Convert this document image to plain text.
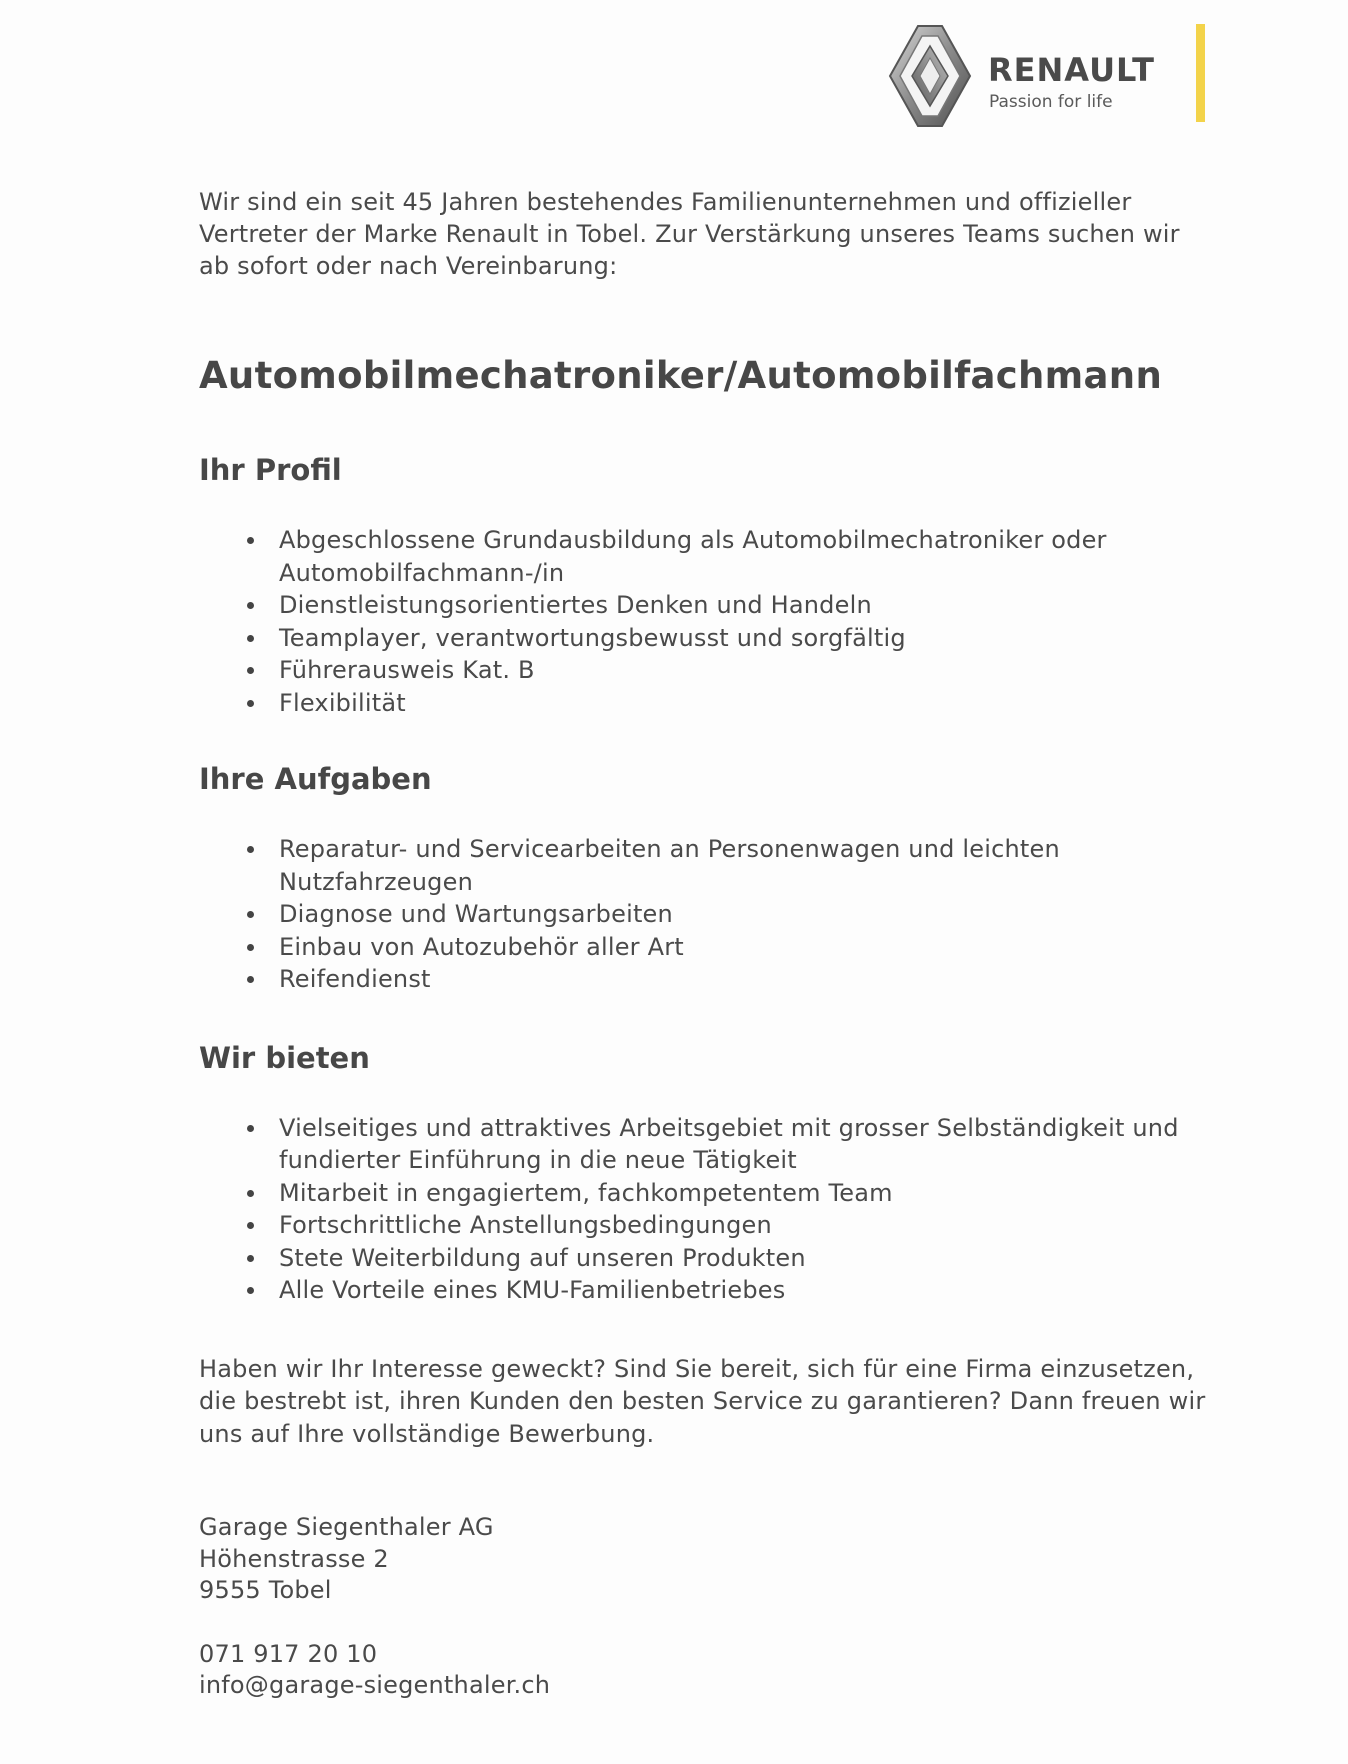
RENAULT
Passion for life

Wir sind ein seit 45 Jahren bestehendes Familienunternehmen und offizieller Vertreter der Marke Renault in Tobel. Zur Verstärkung unseres Teams suchen wir ab sofort oder nach Vereinbarung:

Automobilmechatroniker/Automobilfachmann
Ihr Profil
Abgeschlossene Grundausbildung als Automobilmechatroniker oder Automobilfachmann-/in
Dienstleistungsorientiertes Denken und Handeln
Teamplayer, verantwortungsbewusst und sorgfältig
Führerausweis Kat. B
Flexibilität
Ihre Aufgaben
Reparatur- und Servicearbeiten an Personenwagen und leichten Nutzfahrzeugen
Diagnose und Wartungsarbeiten
Einbau von Autozubehör aller Art
Reifendienst
Wir bieten
Vielseitiges und attraktives Arbeitsgebiet mit grosser Selbständigkeit und fundierter Einführung in die neue Tätigkeit
Mitarbeit in engagiertem, fachkompetentem Team
Fortschrittliche Anstellungsbedingungen
Stete Weiterbildung auf unseren Produkten
Alle Vorteile eines KMU-Familienbetriebes

Haben wir Ihr Interesse geweckt? Sind Sie bereit, sich für eine Firma einzusetzen, die bestrebt ist, ihren Kunden den besten Service zu garantieren? Dann freuen wir uns auf Ihre vollständige Bewerbung.

Garage Siegenthaler AG
Höhenstrasse 2
9555 Tobel
071 917 20 10
info@garage-siegenthaler.ch
